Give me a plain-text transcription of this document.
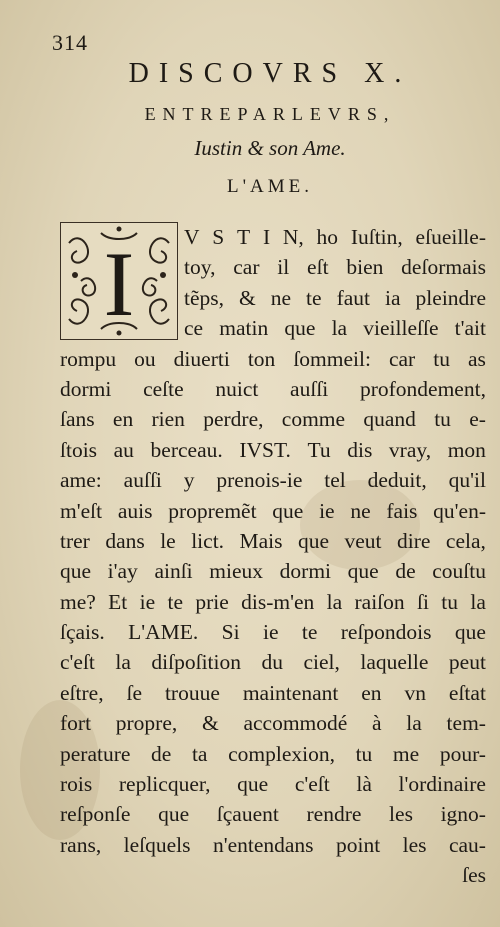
314
DISCOVRS X.
ENTREPARLEVRS,
Iustin & son Ame.
L'AME.
V S T I N, ho Iuſtin, eſueille-
toy, car il eſt bien deſormais
tẽps, & ne te faut ia pleindre
ce matin que la vieilleſſe t'ait
rompu ou diuerti ton ſommeil: car tu as
dormi ceſte nuict auſſi profondement,
ſans en rien perdre, comme quand tu e-
ſtois au berceau. IVST. Tu dis vray, mon
ame: auſſi y prenois-ie tel deduit, qu'il
m'eſt auis propremẽt que ie ne fais qu'en-
trer dans le lict. Mais que veut dire cela,
que i'ay ainſi mieux dormi que de couſtu
me? Et ie te prie dis-m'en la raiſon ſi tu la
ſçais. L'AME. Si ie te reſpondois que
c'eſt la diſpoſition du ciel, laquelle peut
eſtre, ſe trouue maintenant en vn eſtat
fort propre, & accommodé à la tem-
perature de ta complexion, tu me pour-
rois replicquer, que c'eſt là l'ordinaire
reſponſe que ſçauent rendre les igno-
rans, leſquels n'entendans point les cau-
ſes
I
